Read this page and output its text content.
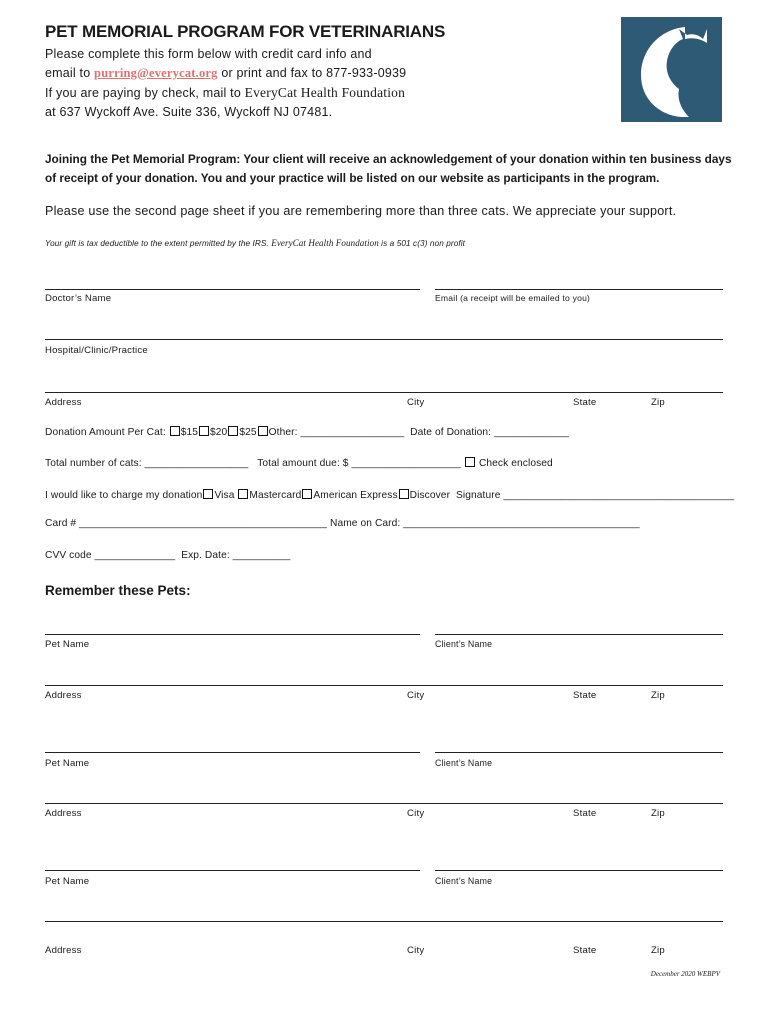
PET MEMORIAL PROGRAM FOR VETERINARIANS
Please complete this form below with credit card info and
email to purring@everycat.org or print and fax to 877-933-0939
If you are paying by check, mail to EveryCat Health Foundation
at 637 Wyckoff Ave. Suite 336, Wyckoff NJ 07481.
Joining the Pet Memorial Program: Your client will receive an acknowledgement of your donation within ten business days of receipt of your donation. You and your practice will be listed on our website as participants in the program.
Please use the second page sheet if you are remembering more than three cats. We appreciate your support.
Your gift is tax deductible to the extent permitted by the IRS. EveryCat Health Foundation is a 501 c(3) non profit
Doctor’s Name	Email (a receipt will be emailed to you)
Hospital/Clinic/Practice
Address	City	State	Zip
Donation Amount Per Cat: $15 $20 $25 Other: __________________ Date of Donation: _____________
Total number of cats: __________________ Total amount due: $ ___________________ Check enclosed
I would like to charge my donation Visa Mastercard American Express Discover Signature ________________________________________
Card # ___________________________________________ Name on Card: _________________________________________
CVV code ______________ Exp. Date: __________
Remember these Pets:
Pet Name	Client’s Name
Address	City	State	Zip
Pet Name	Client’s Name
Address	City	State	Zip
Pet Name	Client’s Name
Address	City	State	Zip
December 2020 WEBPV
